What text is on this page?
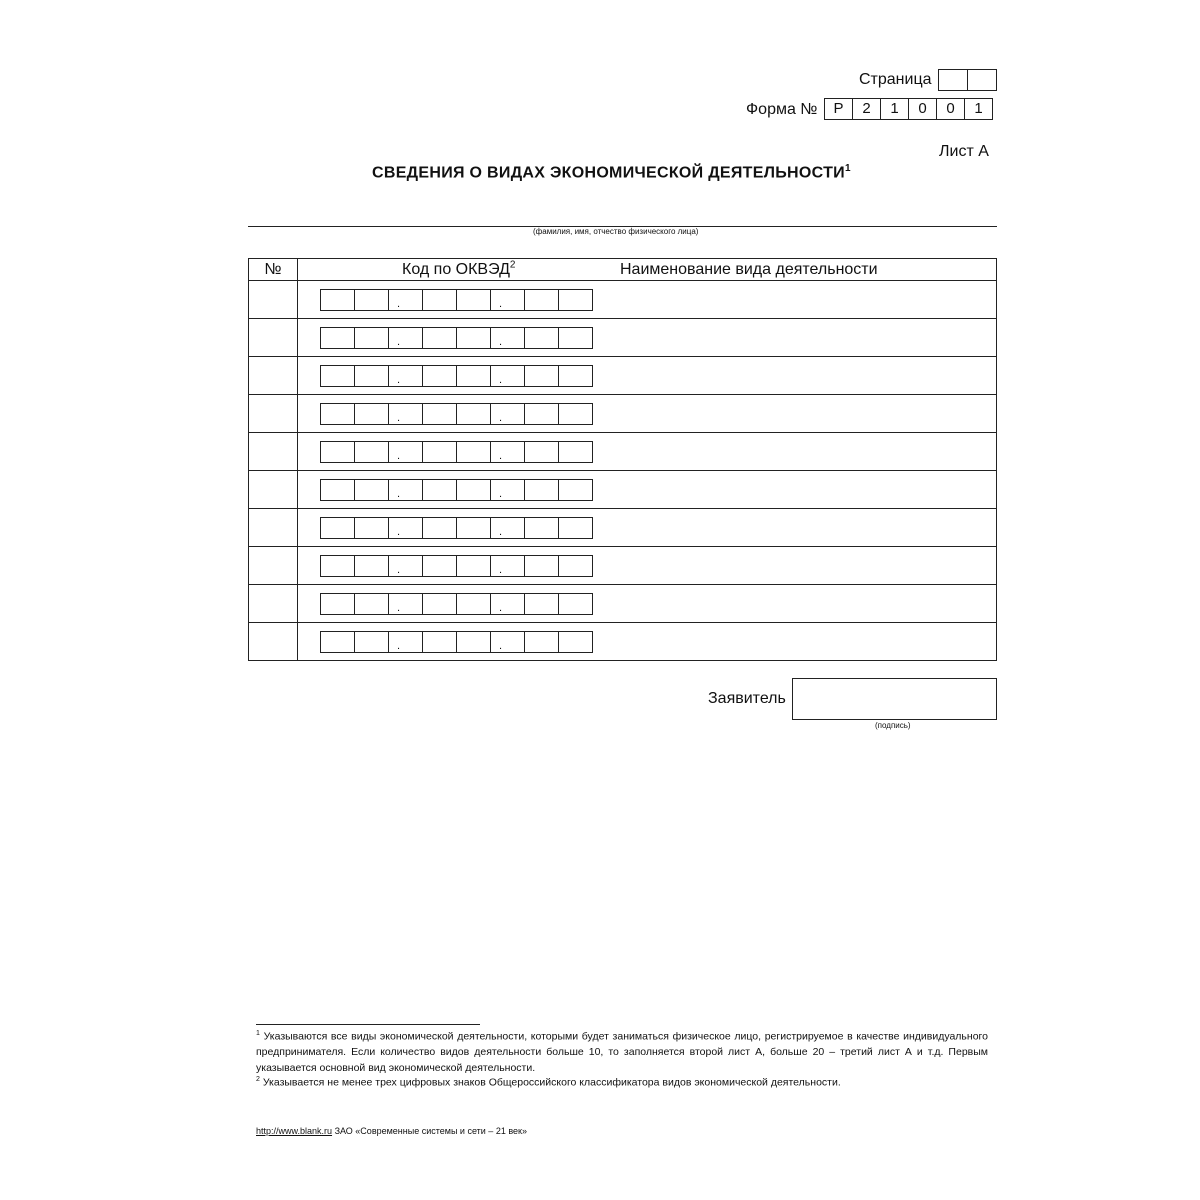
Страница
Форма №	Р	2	1	0	0	1
Лист А
СВЕДЕНИЯ О ВИДАХ ЭКОНОМИЧЕСКОЙ ДЕЯТЕЛЬНОСТИ$^1$
(фамилия, имя, отчество физического лица)
№	Код по ОКВЭД$^2$	Наименование вида деятельности

	. .	

	. .	

	. .	

	. .	

	. .	

	. .	

	. .	

	. .	

	. .	

	. .	

Заявитель
(подпись)
$^1$ Указываются все виды экономической деятельности, которыми будет заниматься физическое лицо, регистрируемое в качестве индивидуального предпринимателя. Если количество видов деятельности больше 10, то заполняется второй лист А, больше 20 – третий лист А и т.д. Первым указывается основной вид экономической деятельности.
$^2$ Указывается не менее трех цифровых знаков Общероссийского классификатора видов экономической деятельности.
http://www.blank.ru ЗАО «Современные системы и сети – 21 век»
